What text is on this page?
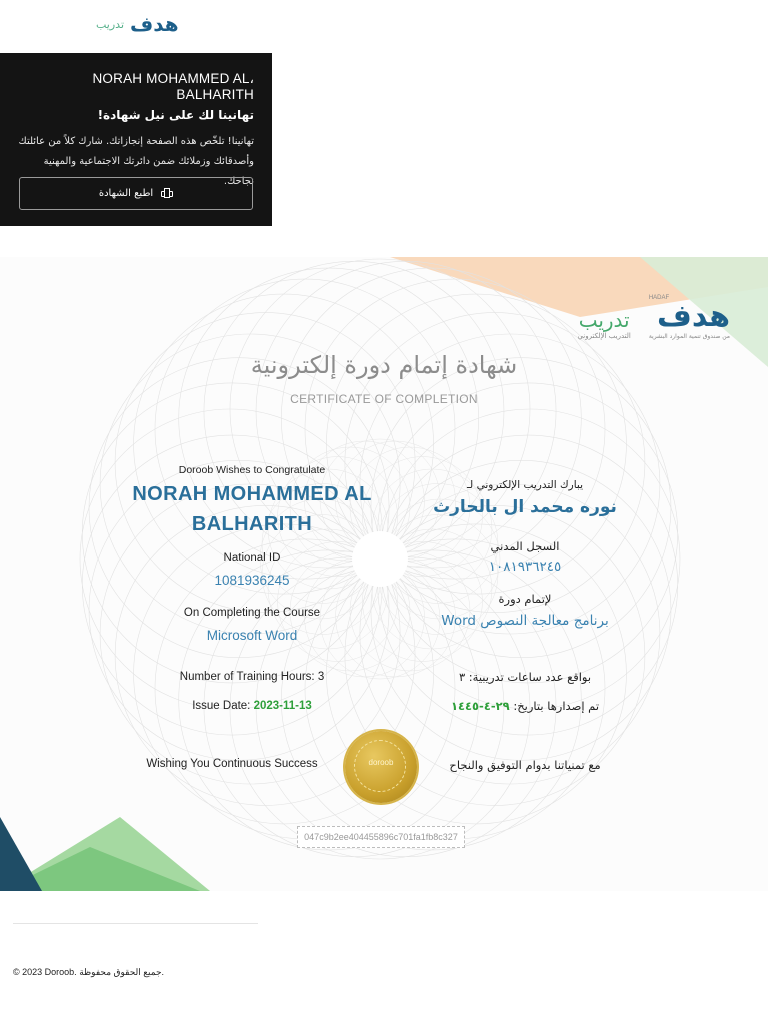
هدف
تدريب
،NORAH MOHAMMED AL BALHARITH
تهانينا لك على نيل شهادة!
تهانينا! تلخّص هذه الصفحة إنجازاتك. شارك كلاً من عائلتك
وأصدقائك وزملائك ضمن دائرتك الاجتماعية والمهنية نجاحك.
اطبع الشهادة
تدريب
التدريب الإلكتروني
HADAF
هدف
من صندوق تنمية الموارد البشرية
شهادة إتمام دورة إلكترونية
CERTIFICATE OF COMPLETION
Doroob Wishes to Congratulate
NORAH MOHAMMED AL BALHARITH
National ID
1081936245
On Completing the Course
Microsoft Word
Number of Training Hours: 3
Issue Date: 2023-11-13
Wishing You Continuous Success
يبارك التدريب الإلكتروني لـ
نوره محمد ال بالحارث
السجل المدني
١٠٨١٩٣٦٢٤٥
لإتمام دورة
برنامج معالجة النصوص Word
بواقع عدد ساعات تدريبية: ٣
تم إصدارها بتاريخ: ٢٩-٤-١٤٤٥
مع تمنياتنا بدوام التوفيق والنجاح
doroob
047c9b2ee404455896c701fa1fb8c327
© 2023 Doroob. جميع الحقوق محفوظة.
